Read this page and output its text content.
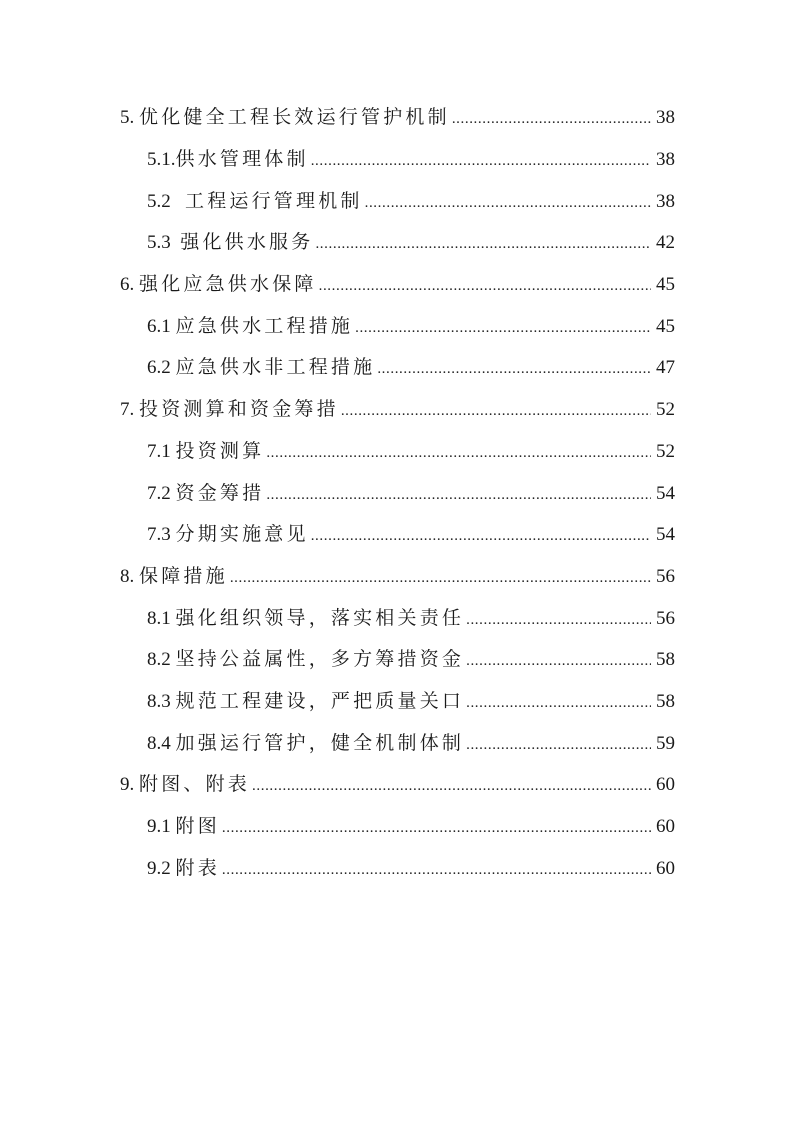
5. 优化健全工程长效运行管护机制 .....	38
5.1. 供水管理体制 .....	38
5.2 工程运行管理机制 .....	38
5.3 强化供水服务 .....	42
6. 强化应急供水保障 .....	45
6.1 应急供水工程措施 .....	45
6.2 应急供水非工程措施 .....	47
7. 投资测算和资金筹措 .....	52
7.1 投资测算 .....	52
7.2 资金筹措 .....	54
7.3 分期实施意见 .....	54
8. 保障措施 .....	56
8.1 强化组织领导，落实相关责任 .....	56
8.2 坚持公益属性，多方筹措资金 .....	58
8.3 规范工程建设，严把质量关口 .....	58
8.4 加强运行管护，健全机制体制 .....	59
9. 附图、附表 .....	60
9.1 附图 .....	60
9.2 附表 .....	60
